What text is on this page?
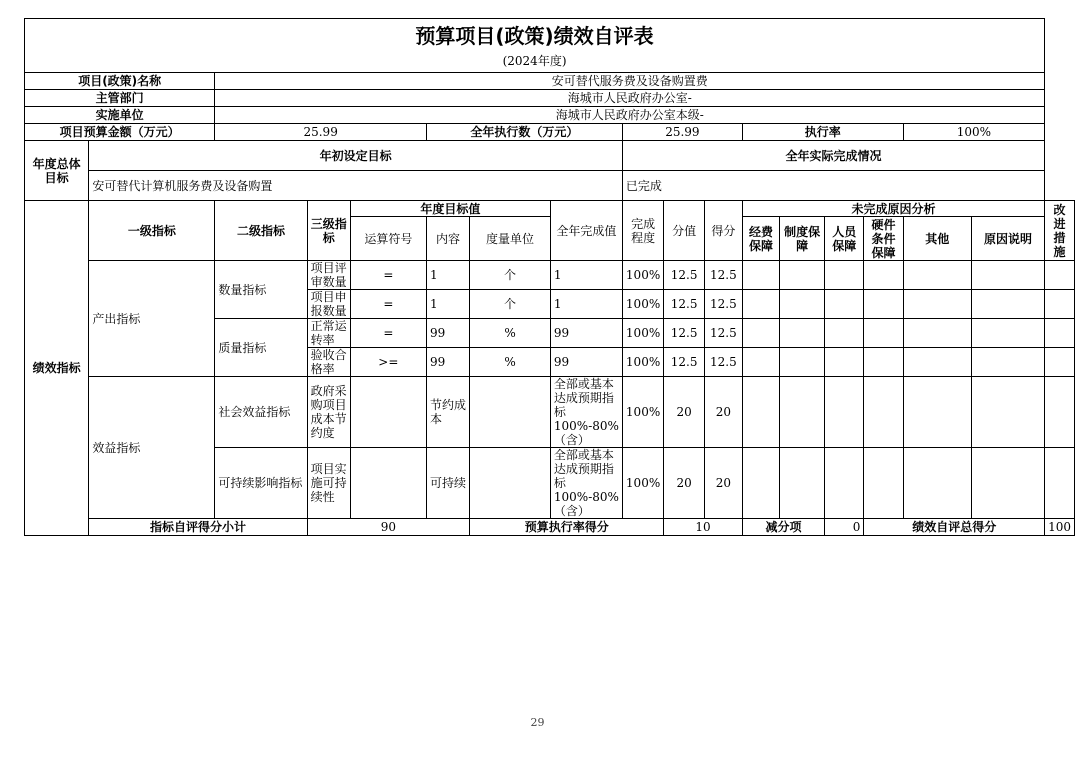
预算项目(政策)绩效自评表																	
(2024年度)																	
项目(政策)名称		安可替代服务费及设备购置费															
主管部门		海城市人民政府办公室-															
实施单位		海城市人民政府办公室本级-															
项目预算金额（万元）		25.99			全年执行数（万元）			25.99			执行率				100%		
年度总体目标	年初设定目标							全年实际完成情况									
	安可替代计算机服务费及设备购置							已完成									
绩效指标	一级指标	二级指标	三级指标	年度目标值			全年完成值	完成程度	分值	得分	未完成原因分析						改进措施
				运算符号	内容	度量单位					经费保障	制度保障	人员保障	硬件条件保障	其他	原因说明	
	产出指标	数量指标	项目评审数量	=	1	个	1	100%	12.5	12.5							
			项目申报数量	=	1	个	1	100%	12.5	12.5							
		质量指标	正常运转率	=	99	%	99	100%	12.5	12.5							
			验收合格率	>=	99	%	99	100%	12.5	12.5							
	效益指标	社会效益指标	政府采购项目成本节约度		节约成本		全部或基本达成预期指标100%-80%（含）	100%	20	20							
		可持续影响指标	项目实施可持续性		可持续		全部或基本达成预期指标100%-80%（含）	100%	20	20							
	指标自评得分小计		90			预算执行率得分			10		减分项		0	绩效自评总得分			100
29
